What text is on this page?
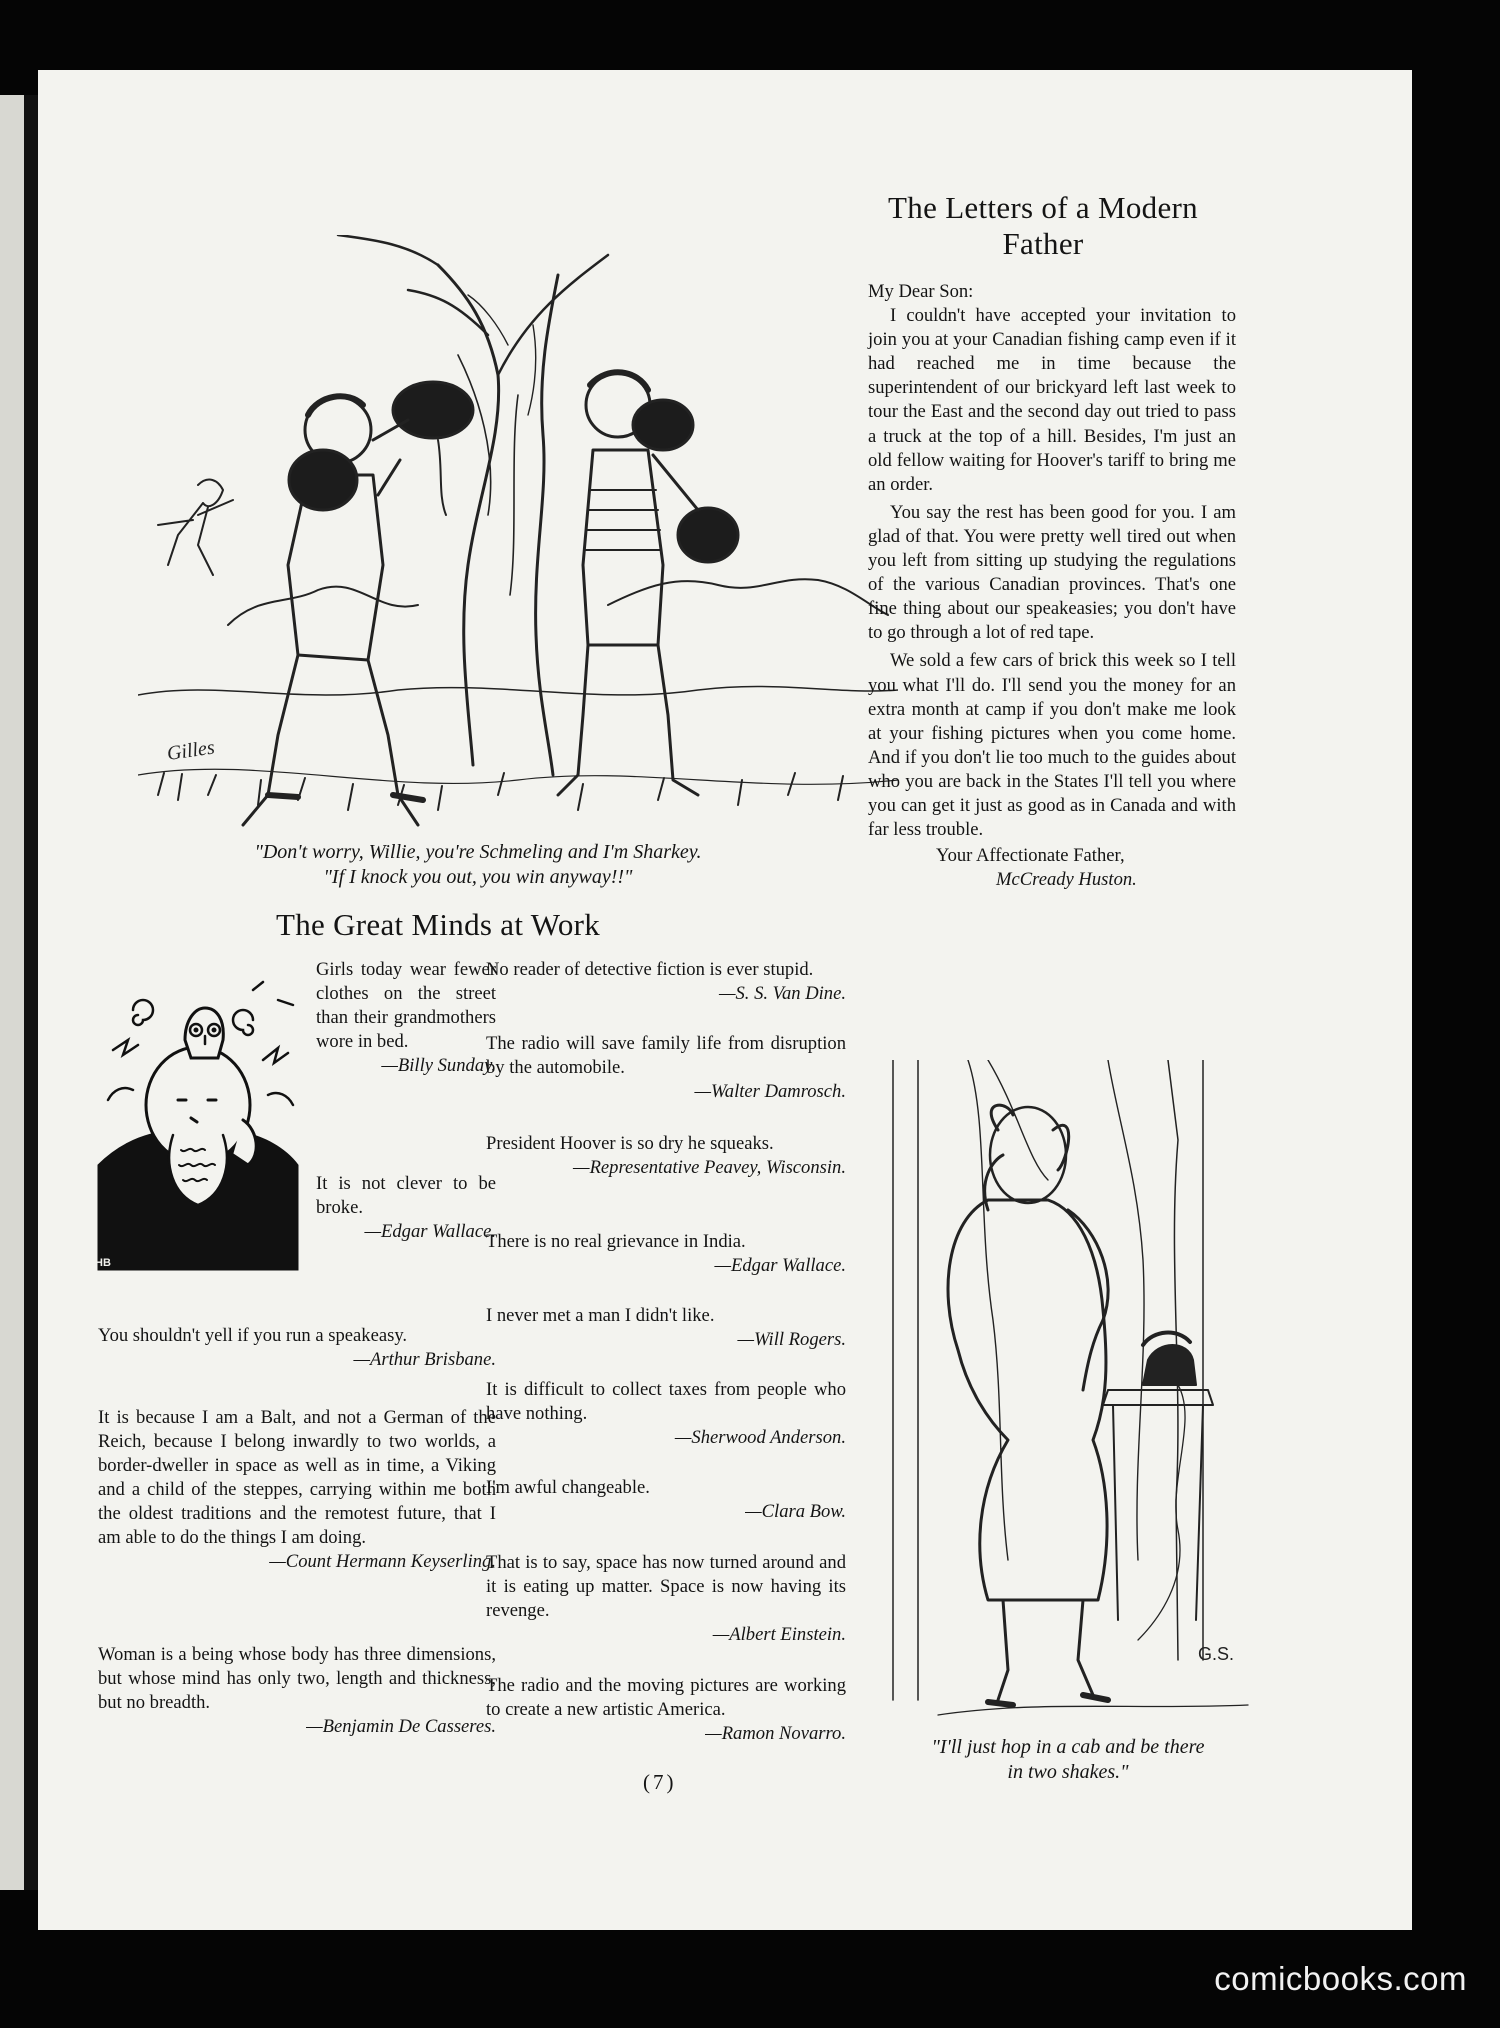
Gilles
"Don't worry, Willie, you're Schmeling and I'm Sharkey.
"If I knock you out, you win anyway!!"
The Letters of a Modern
Father

My Dear Son:

I couldn't have accepted your invitation to join you at your Canadian fishing camp even if it had reached me in time because the superintendent of our brickyard left last week to tour the East and the second day out tried to pass a truck at the top of a hill. Besides, I'm just an old fellow waiting for Hoover's tariff to bring me an order.

You say the rest has been good for you. I am glad of that. You were pretty well tired out when you left from sitting up studying the regulations of the various Canadian provinces. That's one fine thing about our speakeasies; you don't have to go through a lot of red tape.

We sold a few cars of brick this week so I tell you what I'll do. I'll send you the money for an extra month at camp if you don't make me look at your fishing pictures when you come home. And if you don't lie too much to the guides about who you are back in the States I'll tell you where you can get it just as good as in Canada and with far less trouble.

Your Affectionate Father,

McCready Huston.

The Great Minds at Work
HB
Girls today wear fewer clothes on the street than their grandmothers wore in bed.
—Billy Sunday.
It is not clever to be broke.
—Edgar Wallace.
You shouldn't yell if you run a speakeasy.
—Arthur Brisbane.
It is because I am a Balt, and not a German of the Reich, because I belong inwardly to two worlds, a border-dweller in space as well as in time, a Viking and a child of the steppes, carrying within me both the oldest traditions and the remotest future, that I am able to do the things I am doing.
—Count Hermann Keyserling.
Woman is a being whose body has three dimensions, but whose mind has only two, length and thickness, but no breadth.
—Benjamin De Casseres.
No reader of detective fiction is ever stupid.
—S. S. Van Dine.
The radio will save family life from disruption by the automobile.
—Walter Damrosch.
President Hoover is so dry he squeaks.
—Representative Peavey, Wisconsin.
There is no real grievance in India.
—Edgar Wallace.
I never met a man I didn't like.
—Will Rogers.
It is difficult to collect taxes from people who have nothing.
—Sherwood Anderson.
I'm awful changeable.
—Clara Bow.
That is to say, space has now turned around and it is eating up matter. Space is now having its revenge.
—Albert Einstein.
The radio and the moving pictures are working to create a new artistic America.
—Ramon Novarro.
G.S.
"I'll just hop in a cab and be there
in two shakes."
(7)
comicbooks.com
